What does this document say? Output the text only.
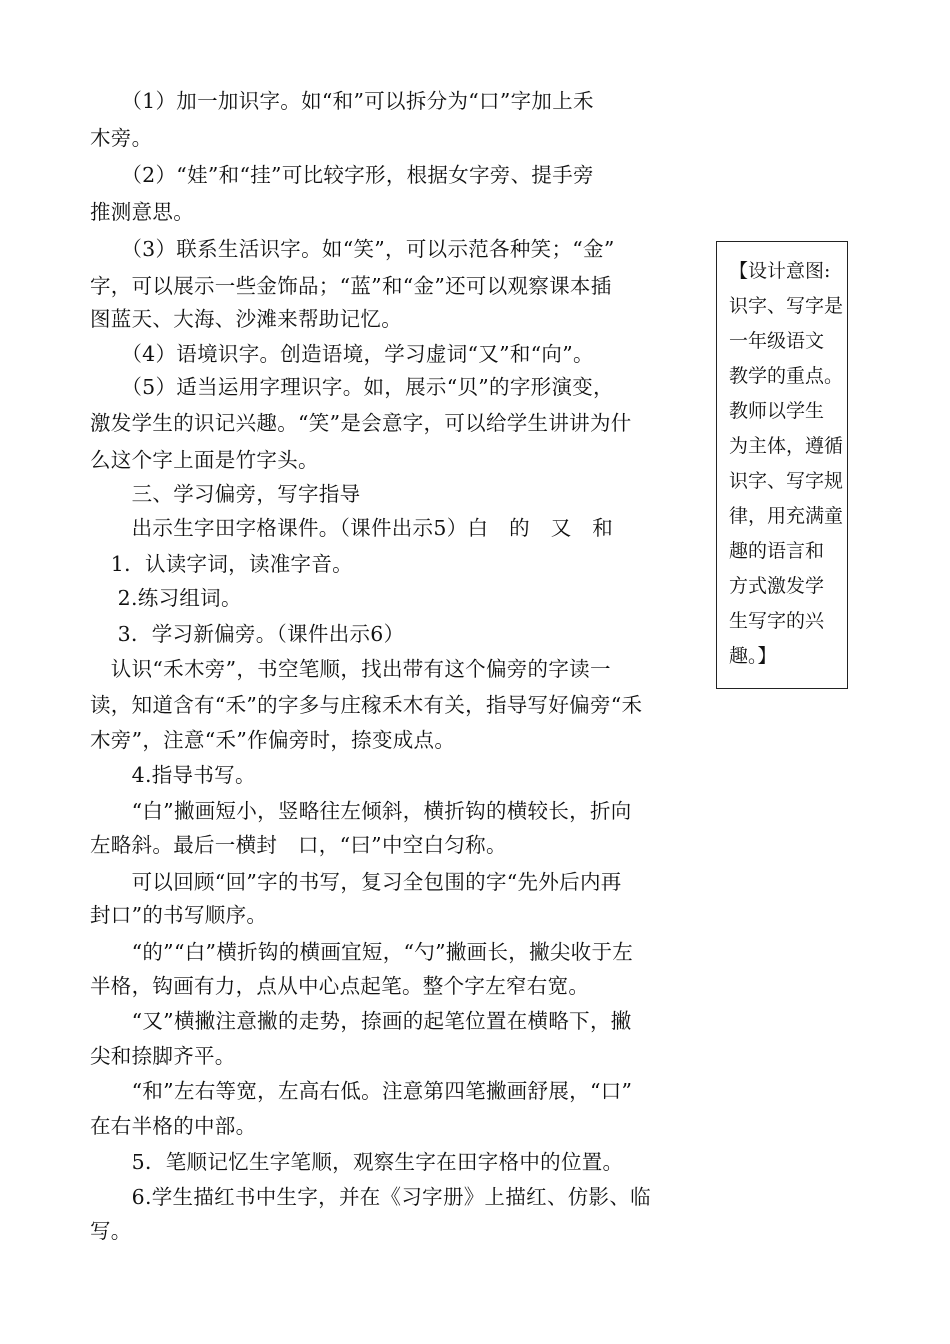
　　（1）加一加识字。如“和”可以拆分为“口”字加上禾
木旁。
　　（2）“娃”和“挂”可比较字形，根据女字旁、提手旁
推测意思。
　　（3）联系生活识字。如“笑”，可以示范各种笑；“金”
字，可以展示一些金饰品；“蓝”和“金”还可以观察课本插
图蓝天、大海、沙滩来帮助记忆。
　　（4）语境识字。创造语境，学习虚词“又”和“向”。
　　（5）适当运用字理识字。如，展示“贝”的字形演变，
激发学生的识记兴趣。“笑”是会意字，可以给学生讲讲为什
么这个字上面是竹字头。
　　三、学习偏旁，写字指导
　　出示生字田字格课件。（课件出示5）白　的　又　和
　1．认读字词，读准字音。
　 2.练习组词。
　 3．学习新偏旁。（课件出示6）
　认识“禾木旁”，书空笔顺，找出带有这个偏旁的字读一
读，知道含有“禾”的字多与庄稼禾木有关，指导写好偏旁“禾
木旁”，注意“禾”作偏旁时，捺变成点。
　　4.指导书写。
　　“白”撇画短小，竖略往左倾斜，横折钩的横较长，折向
左略斜。最后一横封　口，“曰”中空白匀称。
　　可以回顾“回”字的书写，复习全包围的字“先外后内再
封口”的书写顺序。
　　“的”“白”横折钩的横画宜短，“勺”撇画长，撇尖收于左
半格，钩画有力，点从中心点起笔。整个字左窄右宽。
　　“又”横撇注意撇的走势，捺画的起笔位置在横略下，撇
尖和捺脚齐平。
　　“和”左右等宽，左高右低。注意第四笔撇画舒展，“口”
在右半格的中部。
　　5．笔顺记忆生字笔顺，观察生字在田字格中的位置。
　　6.学生描红书中生字，并在《习字册》上描红、仿影、临
写。
【设计意图:
识字、写字是
一年级语文
教学的重点。
教师以学生
为主体，遵循
识字、写字规
律，用充满童
趣的语言和
方式激发学
生写字的兴
趣。】
